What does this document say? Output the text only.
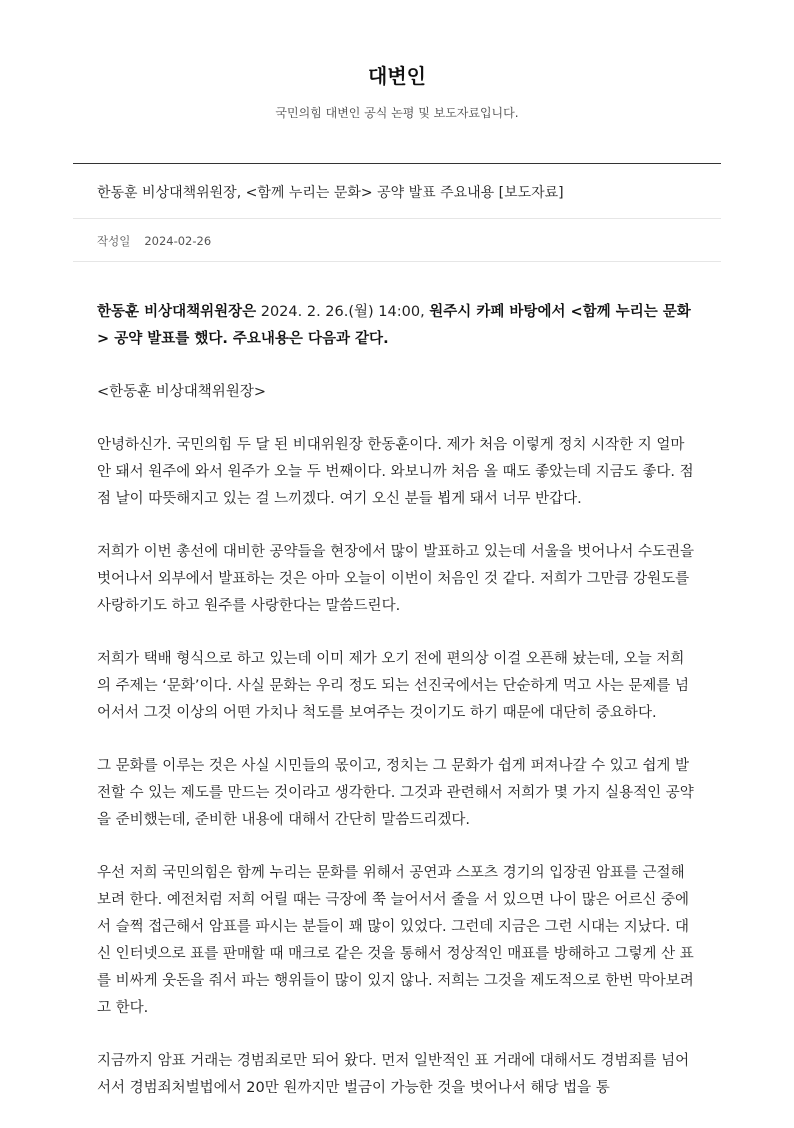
대변인
국민의힘 대변인 공식 논평 및 보도자료입니다.
한동훈 비상대책위원장, <함께 누리는 문화> 공약 발표 주요내용 [보도자료]
작성일 2024-02-26

한동훈 비상대책위원장은 2024. 2. 26.(월) 14:00, 원주시 카페 바탕에서 <함께 누리는 문화> 공약 발표를 했다. 주요내용은 다음과 같다.

<한동훈 비상대책위원장>

안녕하신가. 국민의힘 두 달 된 비대위원장 한동훈이다. 제가 처음 이렇게 정치 시작한 지 얼마 안 돼서 원주에 와서 원주가 오늘 두 번째이다. 와보니까 처음 올 때도 좋았는데 지금도 좋다. 점점 날이 따뜻해지고 있는 걸 느끼겠다. 여기 오신 분들 뵙게 돼서 너무 반갑다.

저희가 이번 총선에 대비한 공약들을 현장에서 많이 발표하고 있는데 서울을 벗어나서 수도권을 벗어나서 외부에서 발표하는 것은 아마 오늘이 이번이 처음인 것 같다. 저희가 그만큼 강원도를 사랑하기도 하고 원주를 사랑한다는 말씀드린다.

저희가 택배 형식으로 하고 있는데 이미 제가 오기 전에 편의상 이걸 오픈해 놨는데, 오늘 저희의 주제는 ‘문화’이다. 사실 문화는 우리 정도 되는 선진국에서는 단순하게 먹고 사는 문제를 넘어서서 그것 이상의 어떤 가치나 척도를 보여주는 것이기도 하기 때문에 대단히 중요하다.

그 문화를 이루는 것은 사실 시민들의 몫이고, 정치는 그 문화가 쉽게 퍼져나갈 수 있고 쉽게 발전할 수 있는 제도를 만드는 것이라고 생각한다. 그것과 관련해서 저희가 몇 가지 실용적인 공약을 준비했는데, 준비한 내용에 대해서 간단히 말씀드리겠다.

우선 저희 국민의힘은 함께 누리는 문화를 위해서 공연과 스포츠 경기의 입장권 암표를 근절해 보려 한다. 예전처럼 저희 어릴 때는 극장에 쭉 늘어서서 줄을 서 있으면 나이 많은 어르신 중에서 슬쩍 접근해서 암표를 파시는 분들이 꽤 많이 있었다. 그런데 지금은 그런 시대는 지났다. 대신 인터넷으로 표를 판매할 때 매크로 같은 것을 통해서 정상적인 매표를 방해하고 그렇게 산 표를 비싸게 웃돈을 줘서 파는 행위들이 많이 있지 않나. 저희는 그것을 제도적으로 한번 막아보려고 한다.

지금까지 암표 거래는 경범죄로만 되어 왔다. 먼저 일반적인 표 거래에 대해서도 경범죄를 넘어서서 경범죄처벌법에서 20만 원까지만 벌금이 가능한 것을 벗어나서 해당 법을 통
